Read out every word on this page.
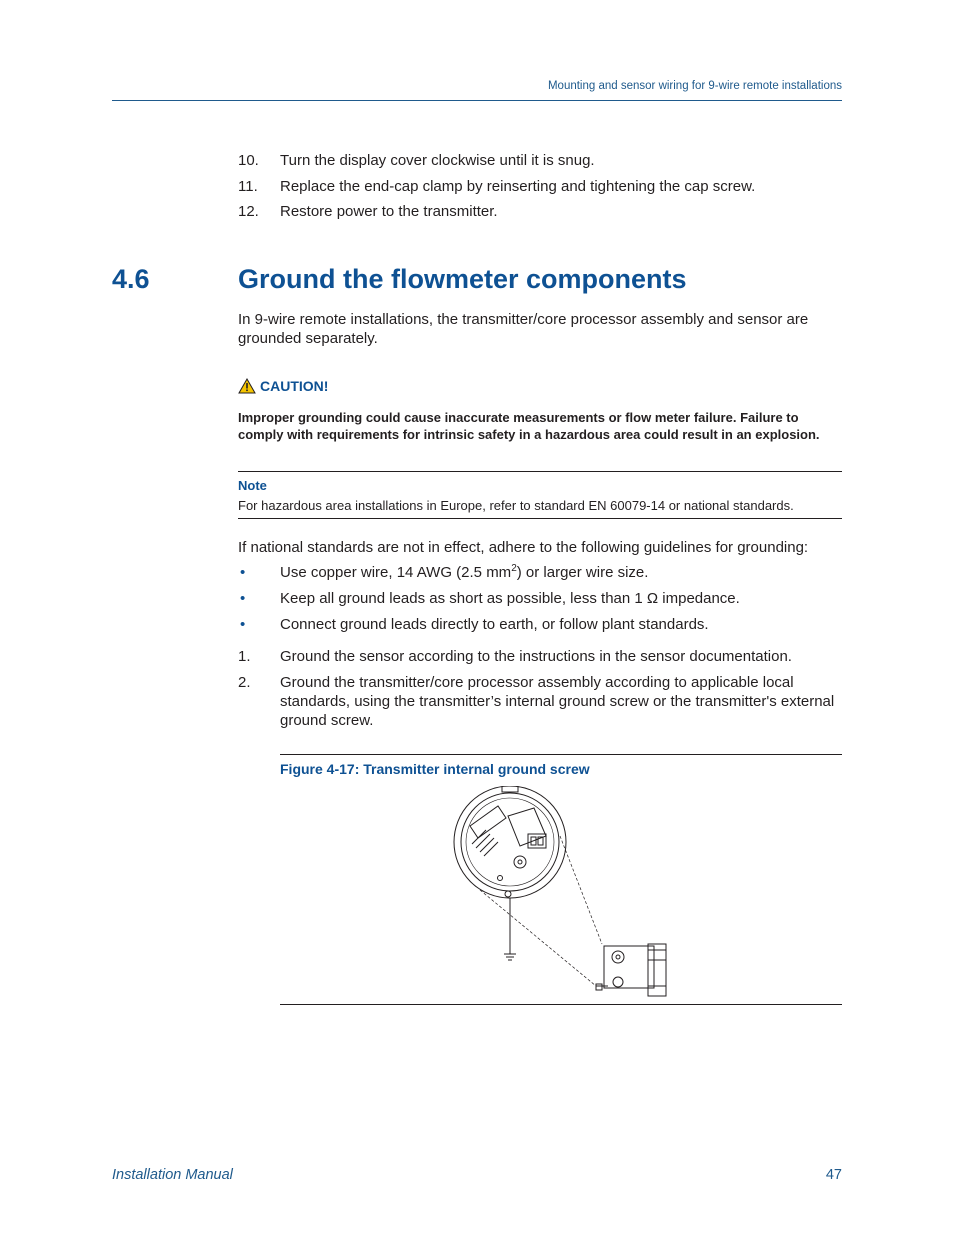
Mounting and sensor wiring for 9-wire remote installations
10. Turn the display cover clockwise until it is snug.
11. Replace the end-cap clamp by reinserting and tightening the cap screw.
12. Restore power to the transmitter.
4.6	Ground the flowmeter components
In 9-wire remote installations, the transmitter/core processor assembly and sensor are grounded separately.
CAUTION!
Improper grounding could cause inaccurate measurements or flow meter failure. Failure to comply with requirements for intrinsic safety in a hazardous area could result in an explosion.
Note
For hazardous area installations in Europe, refer to standard EN 60079-14 or national standards.
If national standards are not in effect, adhere to the following guidelines for grounding:
• Use copper wire, 14 AWG (2.5 $mm^2$) or larger wire size.
• Keep all ground leads as short as possible, less than 1 Ω impedance.
• Connect ground leads directly to earth, or follow plant standards.
1. Ground the sensor according to the instructions in the sensor documentation.
2. Ground the transmitter/core processor assembly according to applicable local standards, using the transmitter’s internal ground screw or the transmitter's external ground screw.
Figure 4-17: Transmitter internal ground screw
Installation Manual	47
